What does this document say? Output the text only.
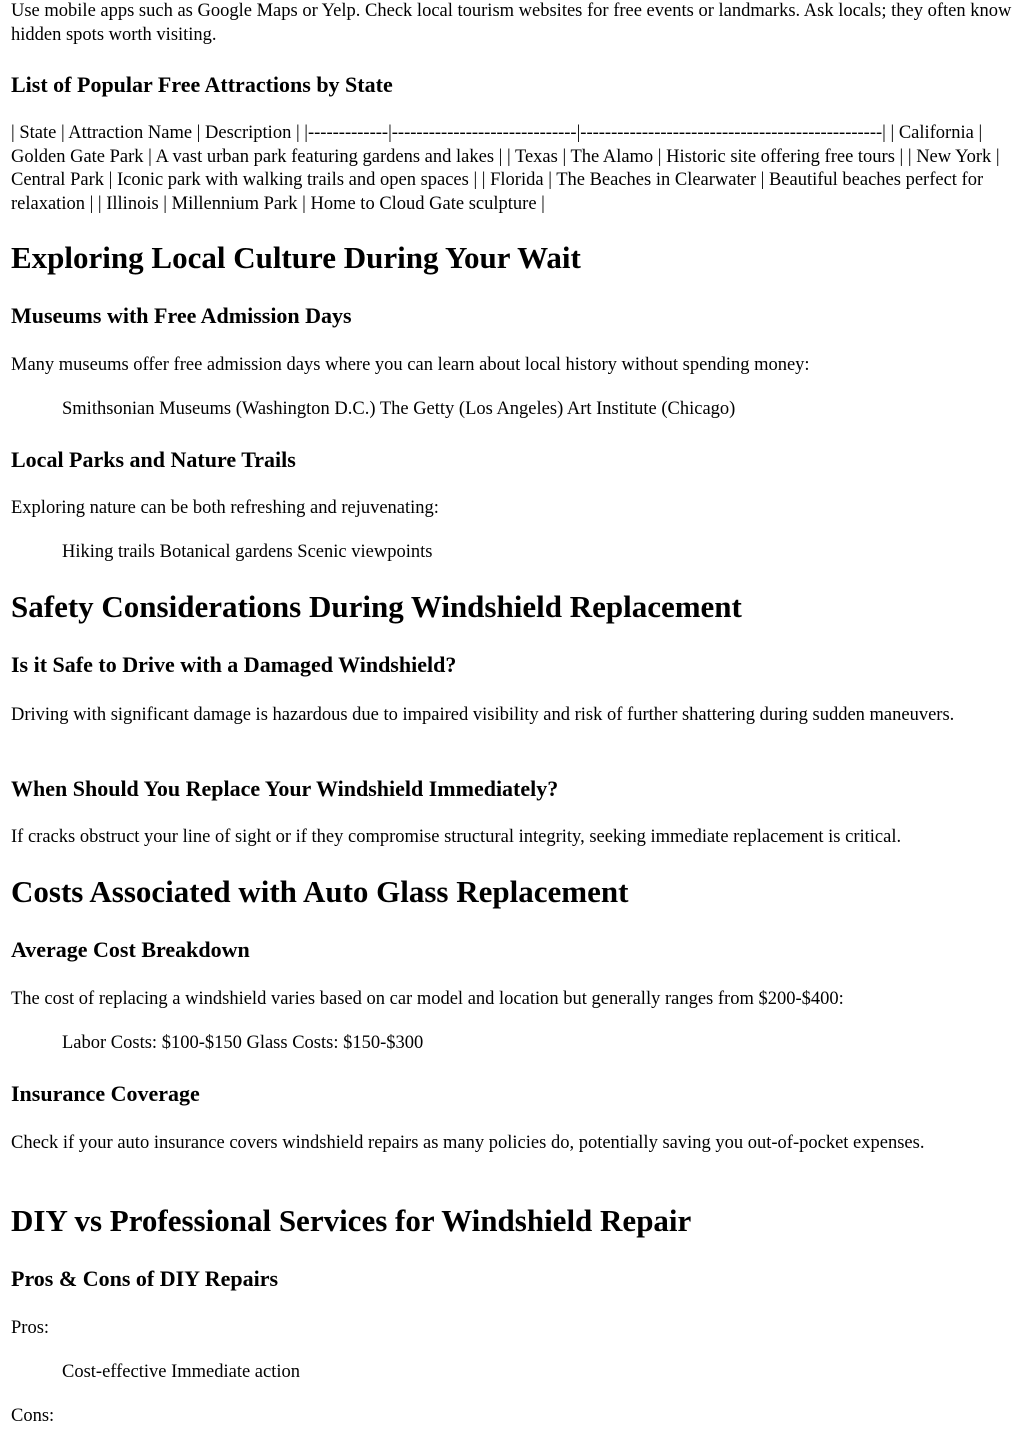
Use mobile apps such as Google Maps or Yelp. Check local tourism websites for free events or landmarks. Ask locals; they often know hidden spots worth visiting.

List of Popular Free Attractions by State

| State | Attraction Name | Description | |-------------|------------------------------|-------------------------------------------------| | California | Golden Gate Park | A vast urban park featuring gardens and lakes | | Texas | The Alamo | Historic site offering free tours | | New York | Central Park | Iconic park with walking trails and open spaces | | Florida | The Beaches in Clearwater | Beautiful beaches perfect for relaxation | | Illinois | Millennium Park | Home to Cloud Gate sculpture |

Exploring Local Culture During Your Wait
Museums with Free Admission Days

Many museums offer free admission days where you can learn about local history without spending money:

Smithsonian Museums (Washington D.C.) The Getty (Los Angeles) Art Institute (Chicago)

Local Parks and Nature Trails

Exploring nature can be both refreshing and rejuvenating:

Hiking trails Botanical gardens Scenic viewpoints

Safety Considerations During Windshield Replacement
Is it Safe to Drive with a Damaged Windshield?

Driving with significant damage is hazardous due to impaired visibility and risk of further shattering during sudden maneuvers.

When Should You Replace Your Windshield Immediately?

If cracks obstruct your line of sight or if they compromise structural integrity, seeking immediate replacement is critical.

Costs Associated with Auto Glass Replacement
Average Cost Breakdown

The cost of replacing a windshield varies based on car model and location but generally ranges from $200-$400:

Labor Costs: $100-$150 Glass Costs: $150-$300

Insurance Coverage

Check if your auto insurance covers windshield repairs as many policies do, potentially saving you out-of-pocket expenses.

DIY vs Professional Services for Windshield Repair
Pros & Cons of DIY Repairs

Pros:

Cost-effective Immediate action

Cons:
